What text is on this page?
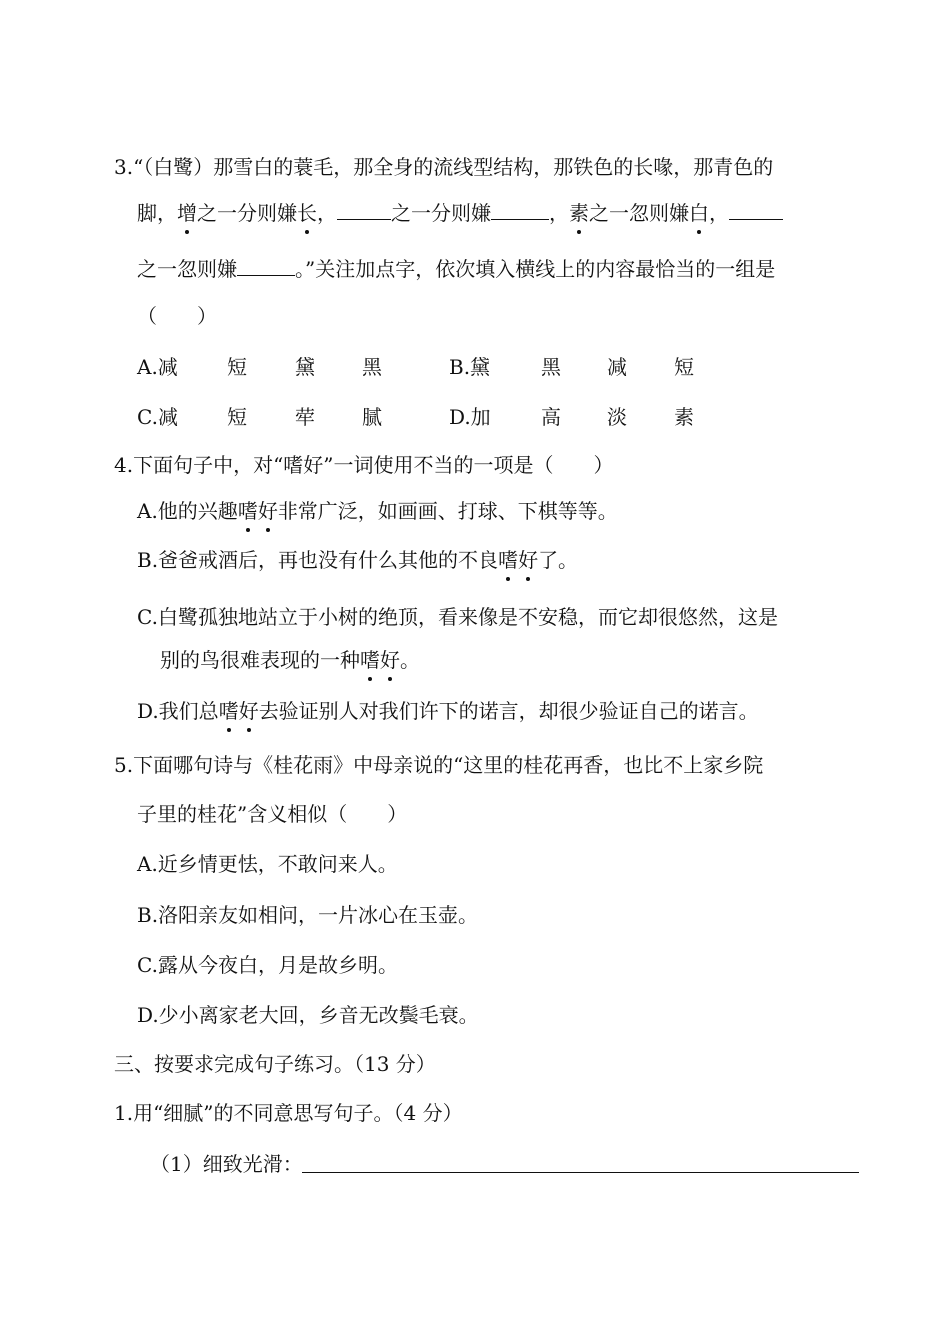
3.“（白鹭）那雪白的蓑毛，那全身的流线型结构，那铁色的长喙，那青色的
脚，增之一分则嫌长，	之一分则嫌	，素之一忽则嫌白，
之一忽则嫌	。”关注加点字，依次填入横线上的内容最恰当的一组是
（　　）
A.减 短 黛 黑	B.黛	黑 减 短
C.减 短 荦 腻	D.加	高 淡 素
4.下面句子中，对“嗜好”一词使用不当的一项是（　　）
A.他的兴趣嗜好非常广泛，如画画、打球、下棋等等。
B.爸爸戒酒后，再也没有什么其他的不良嗜好了。
C.白鹭孤独地站立于小树的绝顶，看来像是不安稳，而它却很悠然，这是
别的鸟很难表现的一种嗜好。
D.我们总嗜好去验证别人对我们许下的诺言，却很少验证自己的诺言。
5.下面哪句诗与《桂花雨》中母亲说的“这里的桂花再香，也比不上家乡院
子里的桂花”含义相似（　　）
A.近乡情更怯，不敢问来人。
B.洛阳亲友如相问，一片冰心在玉壶。
C.露从今夜白，月是故乡明。
D.少小离家老大回，乡音无改鬓毛衰。
三、按要求完成句子练习。（13 分）
1.用“细腻”的不同意思写句子。（4 分）
（1）细致光滑：
